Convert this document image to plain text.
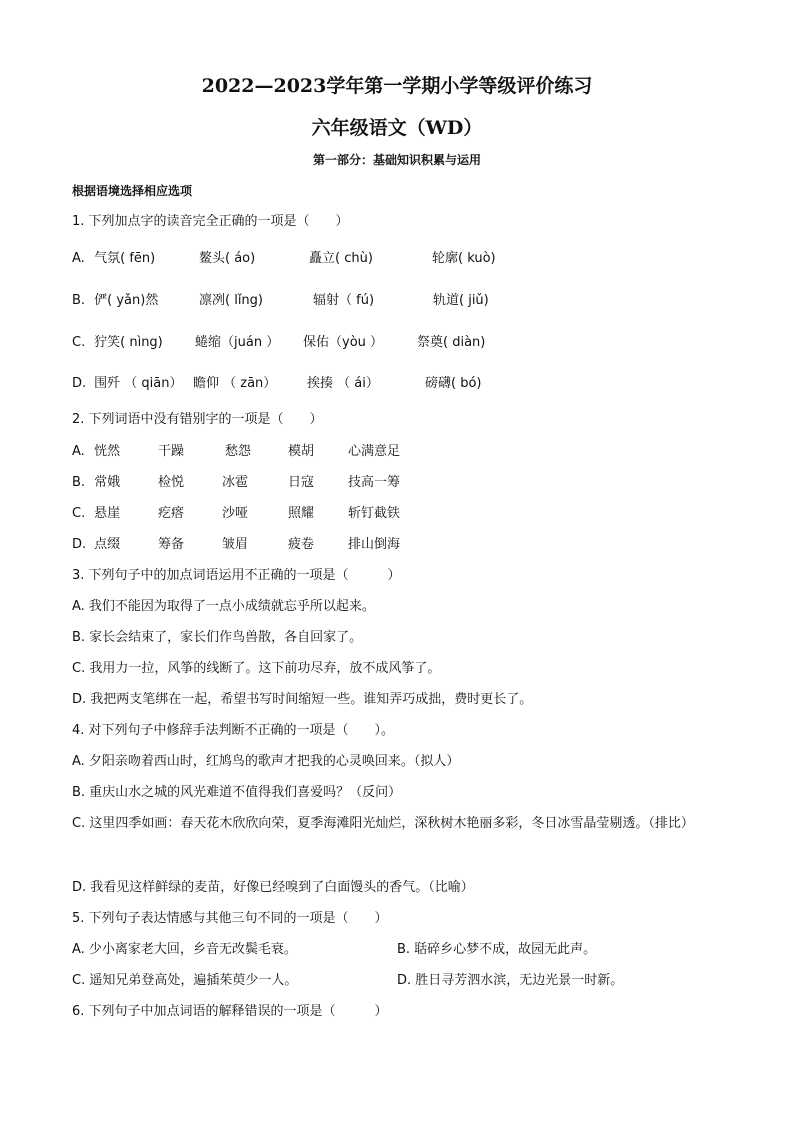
2022—2023学年第一学期小学等级评价练习
六年级语文（WD）
第一部分：基础知识积累与运用
根据语境选择相应选项
1. 下列加点字的读音完全正确的一项是（　　）
A. 气氛( fēn)	鳌头( áo)	矗立( chù)	轮廓( kuò)
B. 俨( yǎn)然	凛冽( lǐng)	辐射（ fú)	轨道( jiǔ)
C. 狞笑( nìng) 蜷缩（juán ） 保佑（yòu ）	祭奠( diàn)
D. 围歼 （ qiān） 瞻仰 （ zān） 挨揍 （ ái）	磅礴( bó)
2. 下列词语中没有错别字的一项是（　　）
A. 恍然	干躁	愁怨	模胡	心满意足
B. 常娥	检悦	冰雹	日寇	技高一筹
C. 悬崖	疙瘩	沙哑	照耀	斩钉截铁
D. 点缀	筹备	皱眉	疲卷	排山倒海
3. 下列句子中的加点词语运用不正确的一项是（　　　）
A. 我们不能因为取得了一点小成绩就忘乎所以起来。
B. 家长会结束了，家长们作鸟兽散，各自回家了。
C. 我用力一拉，风筝的线断了。这下前功尽弃，放不成风筝了。
D. 我把两支笔绑在一起，希望书写时间缩短一些。谁知弄巧成拙，费时更长了。
4. 对下列句子中修辞手法判断不正确的一项是（　　）。
A. 夕阳亲吻着西山时，红鸠鸟的歌声才把我的心灵唤回来。（拟人）
B. 重庆山水之城的风光难道不值得我们喜爱吗？（反问）
C. 这里四季如画：春天花木欣欣向荣，夏季海滩阳光灿烂，深秋树木艳丽多彩，冬日冰雪晶莹剔透。（排比）
D. 我看见这样鲜绿的麦苗，好像已经嗅到了白面馒头的香气。（比喻）
5. 下列句子表达情感与其他三句不同的一项是（　　）
A. 少小离家老大回，乡音无改鬓毛衰。	B. 聒碎乡心梦不成，故园无此声。
C. 遥知兄弟登高处，遍插茱萸少一人。	D. 胜日寻芳泗水滨，无边光景一时新。
6. 下列句子中加点词语的解释错误的一项是（　　　）
